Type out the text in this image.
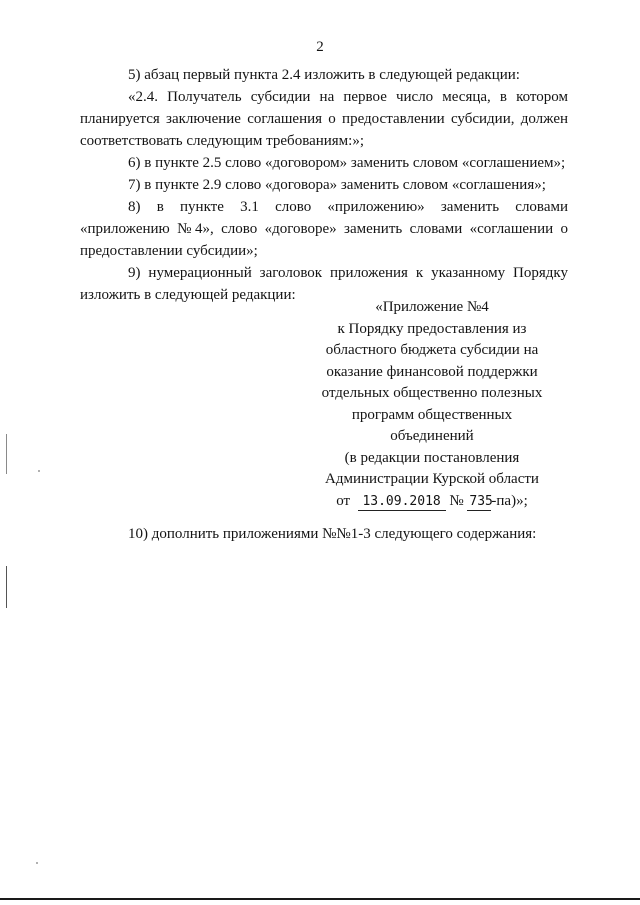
2

5) абзац первый пункта 2.4 изложить в следующей редакции:

«2.4. Получатель субсидии на первое число месяца, в котором планируется заключение соглашения о предоставлении субсидии, должен соответствовать следующим требованиям:»;

6) в пункте 2.5 слово «договором» заменить словом «соглашением»;

7) в пункте 2.9 слово «договора» заменить словом «соглашения»;

8) в пункте 3.1 слово «приложению» заменить словами «приложению №4», слово «договоре» заменить словами «соглашении о предоставлении субсидии»;

9) нумерационный заголовок приложения к указанному Порядку изложить в следующей редакции:

«Приложение №4
к Порядку предоставления из
областного бюджета субсидии на
оказание финансовой поддержки
отдельных общественно полезных
программ общественных
объединений
(в редакции постановления
Администрации Курской области
от 13.09.2018 № 735-па)»;
10) дополнить приложениями №№1-3 следующего содержания:
